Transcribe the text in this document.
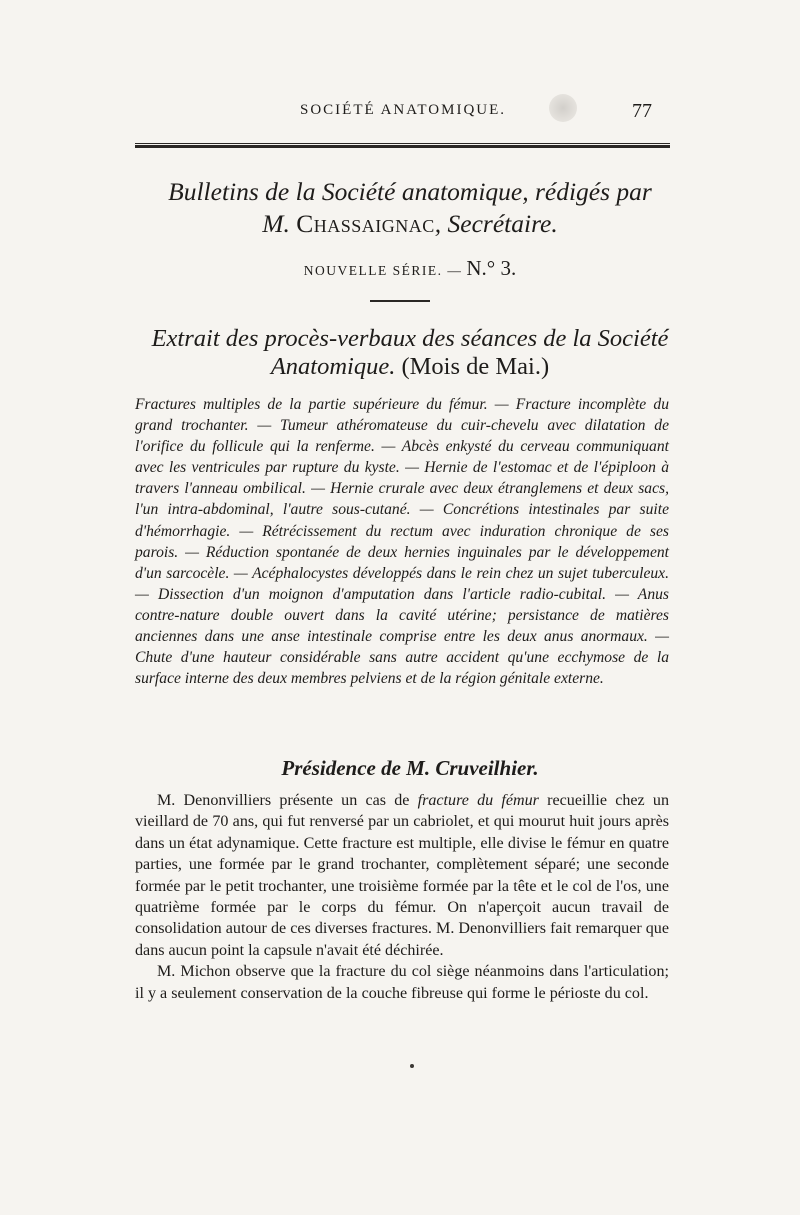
SOCIÉTÉ ANATOMIQUE.	77
Bulletins de la Société anatomique, rédigés par
M. Chassaignac, Secrétaire.
NOUVELLE SÉRIE. — N.° 3.
Extrait des procès-verbaux des séances de la Société Anatomique. (Mois de Mai.)
Fractures multiples de la partie supérieure du fémur. — Fracture incomplète du grand trochanter. — Tumeur athéromateuse du cuir-chevelu avec dilatation de l'orifice du follicule qui la renferme. — Abcès enkysté du cerveau communiquant avec les ventricules par rupture du kyste. — Hernie de l'estomac et de l'épiploon à travers l'anneau ombilical. — Hernie crurale avec deux étranglemens et deux sacs, l'un intra-abdominal, l'autre sous-cutané. — Concrétions intestinales par suite d'hémorrhagie. — Rétrécissement du rectum avec induration chronique de ses parois. — Réduction spontanée de deux hernies inguinales par le développement d'un sarcocèle. — Acéphalocystes développés dans le rein chez un sujet tuberculeux. — Dissection d'un moignon d'amputation dans l'article radio-cubital. — Anus contre-nature double ouvert dans la cavité utérine; persistance de matières anciennes dans une anse intestinale comprise entre les deux anus anormaux. — Chute d'une hauteur considérable sans autre accident qu'une ecchymose de la surface interne des deux membres pelviens et de la région génitale externe.
Présidence de M. Cruveilhier.

M. Denonvilliers présente un cas de fracture du fémur recueillie chez un vieillard de 70 ans, qui fut renversé par un cabriolet, et qui mourut huit jours après dans un état adynamique. Cette fracture est multiple, elle divise le fémur en quatre parties, une formée par le grand trochanter, complètement séparé; une seconde formée par le petit trochanter, une troisième formée par la tête et le col de l'os, une quatrième formée par le corps du fémur. On n'aperçoit aucun travail de consolidation autour de ces diverses fractures. M. Denonvilliers fait remarquer que dans aucun point la capsule n'avait été déchirée.

M. Michon observe que la fracture du col siège néanmoins dans l'articulation; il y a seulement conservation de la couche fibreuse qui forme le périoste du col.
